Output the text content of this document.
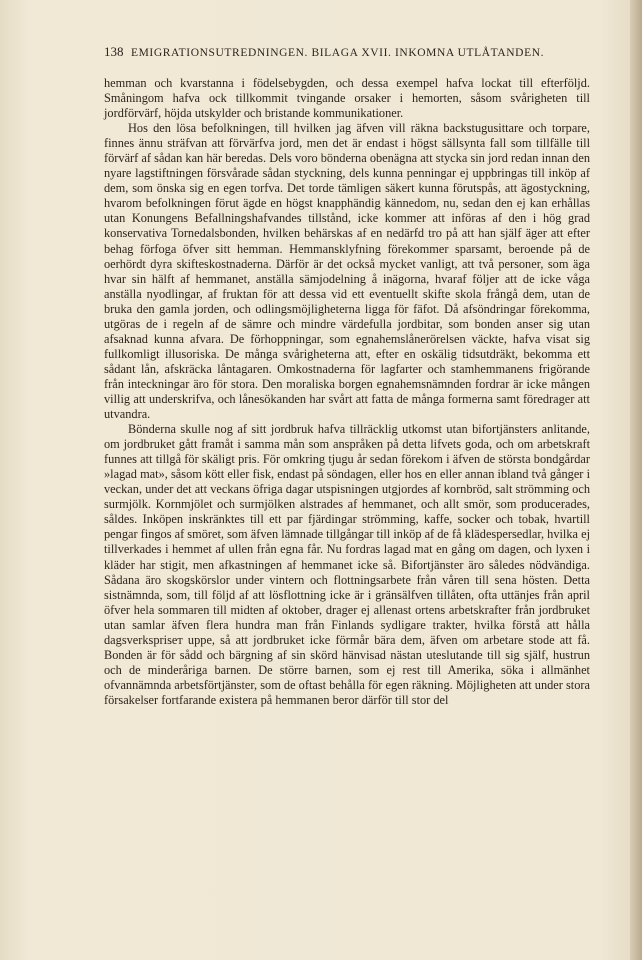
138 EMIGRATIONSUTREDNINGEN. BILAGA XVII. INKOMNA UTLÅTANDEN.

hemman och kvarstanna i födelsebygden, och dessa exempel hafva lockat till efterföljd. Småningom hafva ock tillkommit tvingande orsaker i hemorten, såsom svårigheten till jordförvärf, höjda utskylder och bristande kommunikationer.

Hos den lösa befolkningen, till hvilken jag äfven vill räkna backstugusittare och torpare, finnes ännu sträfvan att förvärfva jord, men det är endast i högst sällsynta fall som tillfälle till förvärf af sådan kan här beredas. Dels voro bönderna obenägna att stycka sin jord redan innan den nyare lagstiftningen försvårade sådan styckning, dels kunna penningar ej uppbringas till inköp af dem, som önska sig en egen torfva. Det torde tämligen säkert kunna förutspås, att ägostyckning, hvarom befolkningen förut ägde en högst knapphändig kännedom, nu, sedan den ej kan erhållas utan Konungens Befallningshafvandes tillstånd, icke kommer att införas af den i hög grad konservativa Tornedalsbonden, hvilken behärskas af en nedärfd tro på att han själf äger att efter behag förfoga öfver sitt hemman. Hemmansklyfning förekommer sparsamt, beroende på de oerhördt dyra skifteskostnaderna. Därför är det också mycket vanligt, att två personer, som äga hvar sin hälft af hemmanet, anställa sämjodelning å inägorna, hvaraf följer att de icke våga anställa nyodlingar, af fruktan för att dessa vid ett eventuellt skifte skola frångå dem, utan de bruka den gamla jorden, och odlingsmöjligheterna ligga för fäfot. Då afsöndringar förekomma, utgöras de i regeln af de sämre och mindre värdefulla jordbitar, som bonden anser sig utan afsaknad kunna afvara. De förhoppningar, som egnahemslånerörelsen väckte, hafva visat sig fullkomligt illusoriska. De många svårigheterna att, efter en oskälig tidsutdräkt, bekomma ett sådant lån, afskräcka låntagaren. Omkostnaderna för lagfarter och stamhemmanens frigörande från inteckningar äro för stora. Den moraliska borgen egnahemsnämnden fordrar är icke mången villig att underskrifva, och lånesökanden har svårt att fatta de många formerna samt föredrager att utvandra.

Bönderna skulle nog af sitt jordbruk hafva tillräcklig utkomst utan bifortjänsters anlitande, om jordbruket gått framåt i samma mån som anspråken på detta lifvets goda, och om arbetskraft funnes att tillgå för skäligt pris. För omkring tjugu år sedan förekom i äfven de största bondgårdar »lagad mat», såsom kött eller fisk, endast på söndagen, eller hos en eller annan ibland två gånger i veckan, under det att veckans öfriga dagar utspisningen utgjordes af kornbröd, salt strömming och surmjölk. Kornmjölet och surmjölken alstrades af hemmanet, och allt smör, som producerades, såldes. Inköpen inskränktes till ett par fjärdingar strömming, kaffe, socker och tobak, hvartill pengar fingos af smöret, som äfven lämnade tillgångar till inköp af de få klädespersedlar, hvilka ej tillverkades i hemmet af ullen från egna får. Nu fordras lagad mat en gång om dagen, och lyxen i kläder har stigit, men afkastningen af hemmanet icke så. Bifortjänster äro således nödvändiga. Sådana äro skogskörslor under vintern och flottningsarbete från våren till sena hösten. Detta sistnämnda, som, till följd af att lösflottning icke är i gränsälfven tillåten, ofta uttänjes från april öfver hela sommaren till midten af oktober, drager ej allenast ortens arbetskrafter från jordbruket utan samlar äfven flera hundra man från Finlands sydligare trakter, hvilka förstå att hålla dagsverkspriseт uppe, så att jordbruket icke förmår bära dem, äfven om arbetare stode att få. Bonden är för sådd och bärgning af sin skörd hänvisad nästan uteslutande till sig själf, hustrun och de minderåriga barnen. De större barnen, som ej rest till Amerika, söka i allmänhet ofvannämnda arbetsförtjänster, som de oftast behålla för egen räkning. Möjligheten att under stora försakelser fortfarande existera på hemmanen beror därför till stor del
